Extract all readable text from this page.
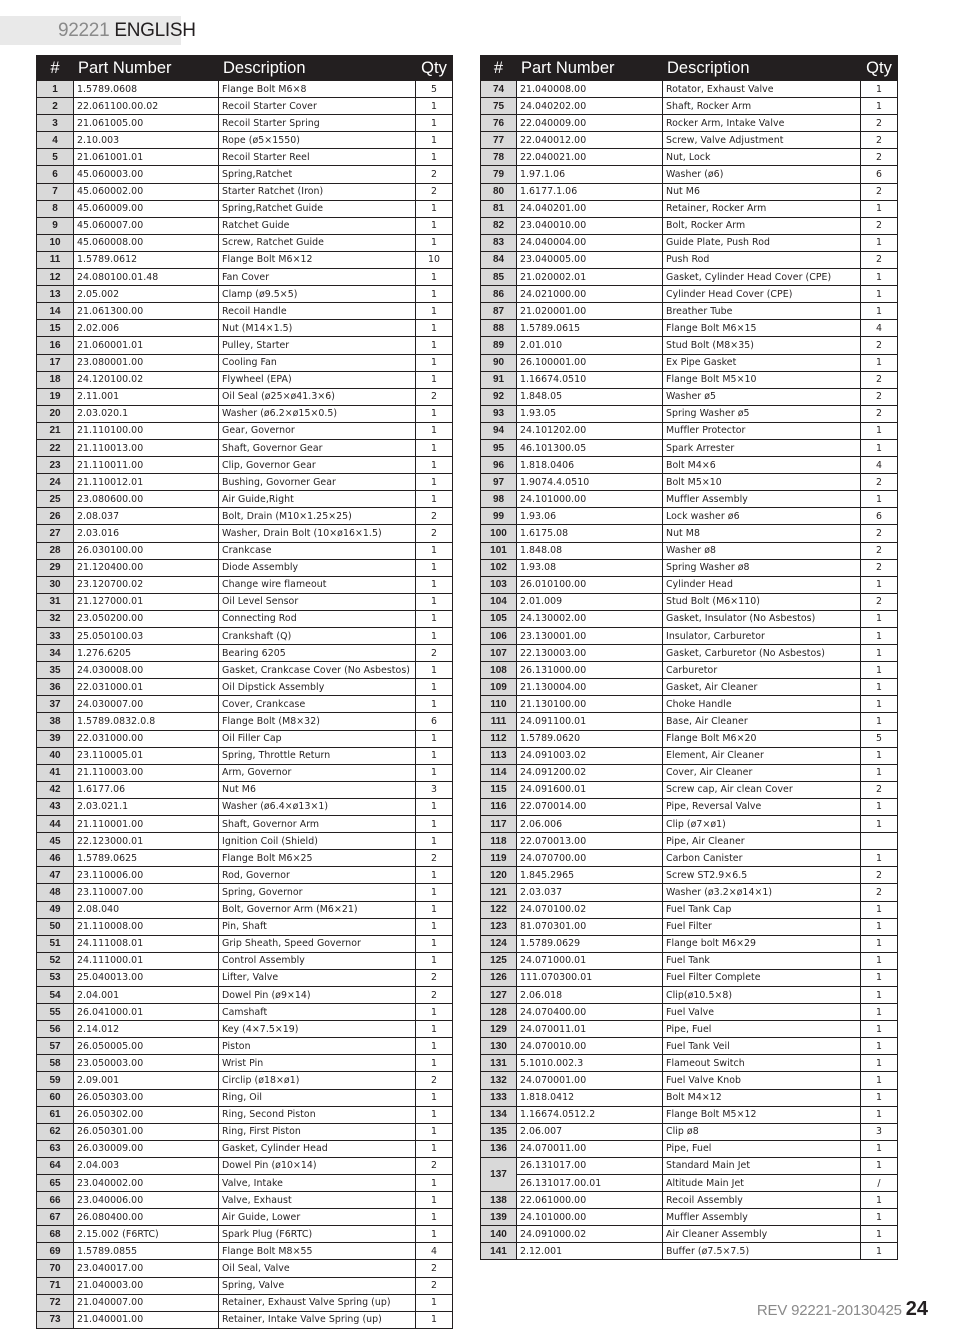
92221 ENGLISH
#	Part Number	Description	Qty
1	1.5789.0608	Flange Bolt M6×8	5
2	22.061100.00.02	Recoil Starter Cover	1
3	21.061005.00	Recoil Starter Spring	1
4	2.10.003	Rope (ø5×1550)	1
5	21.061001.01	Recoil Starter Reel	1
6	45.060003.00	Spring,Ratchet	2
7	45.060002.00	Starter Ratchet (Iron)	2
8	45.060009.00	Spring,Ratchet Guide	1
9	45.060007.00	Ratchet Guide	1
10	45.060008.00	Screw, Ratchet Guide	1
11	1.5789.0612	Flange Bolt M6×12	10
12	24.080100.01.48	Fan Cover	1
13	2.05.002	Clamp (ø9.5×5)	1
14	21.061300.00	Recoil Handle	1
15	2.02.006	Nut (M14×1.5)	1
16	21.060001.01	Pulley, Starter	1
17	23.080001.00	Cooling Fan	1
18	24.120100.02	Flywheel (EPA)	1
19	2.11.001	Oil Seal (ø25×ø41.3×6)	2
20	2.03.020.1	Washer (ø6.2×ø15×0.5)	1
21	21.110100.00	Gear, Governor	1
22	21.110013.00	Shaft, Governor Gear	1
23	21.110011.00	Clip, Governor Gear	1
24	21.110012.01	Bushing, Govorner Gear	1
25	23.080600.00	Air Guide,Right	1
26	2.08.037	Bolt, Drain (M10×1.25×25)	2
27	2.03.016	Washer, Drain Bolt (10×ø16×1.5)	2
28	26.030100.00	Crankcase	1
29	21.120400.00	Diode Assembly	1
30	23.120700.02	Change wire flameout	1
31	21.127000.01	Oil Level Sensor	1
32	23.050200.00	Connecting Rod	1
33	25.050100.03	Crankshaft (Q)	1
34	1.276.6205	Bearing 6205	2
35	24.030008.00	Gasket, Crankcase Cover (No Asbestos)	1
36	22.031000.01	Oil Dipstick Assembly	1
37	24.030007.00	Cover, Crankcase	1
38	1.5789.0832.0.8	Flange Bolt (M8×32)	6
39	22.031000.00	Oil Filler Cap	1
40	23.110005.01	Spring, Throttle Return	1
41	21.110003.00	Arm, Governor	1
42	1.6177.06	Nut M6	3
43	2.03.021.1	Washer (ø6.4×ø13×1)	1
44	21.110001.00	Shaft, Governor Arm	1
45	22.123000.01	Ignition Coil (Shield)	1
46	1.5789.0625	Flange Bolt M6×25	2
47	23.110006.00	Rod, Governor	1
48	23.110007.00	Spring, Governor	1
49	2.08.040	Bolt, Governor Arm (M6×21)	1
50	21.110008.00	Pin, Shaft	1
51	24.111008.01	Grip Sheath, Speed Governor	1
52	24.111000.01	Control Assembly	1
53	25.040013.00	Lifter, Valve	2
54	2.04.001	Dowel Pin (ø9×14)	2
55	26.041000.01	Camshaft	1
56	2.14.012	Key (4×7.5×19)	1
57	26.050005.00	Piston	1
58	23.050003.00	Wrist Pin	1
59	2.09.001	Circlip (ø18×ø1)	2
60	26.050303.00	Ring, Oil	1
61	26.050302.00	Ring, Second Piston	1
62	26.050301.00	Ring, First Piston	1
63	26.030009.00	Gasket, Cylinder Head	1
64	2.04.003	Dowel Pin (ø10×14)	2
65	23.040002.00	Valve, Intake	1
66	23.040006.00	Valve, Exhaust	1
67	26.080400.00	Air Guide, Lower	1
68	2.15.002 (F6RTC)	Spark Plug (F6RTC)	1
69	1.5789.0855	Flange Bolt M8×55	4
70	23.040017.00	Oil Seal, Valve	2
71	21.040003.00	Spring, Valve	2
72	21.040007.00	Retainer, Exhaust Valve Spring (up)	1
73	21.040001.00	Retainer, Intake Valve Spring (up)	1
#	Part Number	Description	Qty
74	21.040008.00	Rotator, Exhaust Valve	1
75	24.040202.00	Shaft, Rocker Arm	1
76	22.040009.00	Rocker Arm, Intake Valve	2
77	22.040012.00	Screw, Valve Adjustment	2
78	22.040021.00	Nut, Lock	2
79	1.97.1.06	Washer (ø6)	6
80	1.6177.1.06	Nut M6	2
81	24.040201.00	Retainer, Rocker Arm	1
82	23.040010.00	Bolt, Rocker Arm	2
83	24.040004.00	Guide Plate, Push Rod	1
84	23.040005.00	Push Rod	2
85	21.020002.01	Gasket, Cylinder Head Cover (CPE)	1
86	24.021000.00	Cylinder Head Cover (CPE)	1
87	21.020001.00	Breather Tube	1
88	1.5789.0615	Flange Bolt M6×15	4
89	2.01.010	Stud Bolt (M8×35)	2
90	26.100001.00	Ex Pipe Gasket	1
91	1.16674.0510	Flange Bolt M5×10	2
92	1.848.05	Washer ø5	2
93	1.93.05	Spring Washer ø5	2
94	24.101202.00	Muffler Protector	1
95	46.101300.05	Spark Arrester	1
96	1.818.0406	Bolt M4×6	4
97	1.9074.4.0510	Bolt M5×10	2
98	24.101000.00	Muffler Assembly	1
99	1.93.06	Lock washer ø6	6
100	1.6175.08	Nut M8	2
101	1.848.08	Washer ø8	2
102	1.93.08	Spring Washer ø8	2
103	26.010100.00	Cylinder Head	1
104	2.01.009	Stud Bolt (M6×110)	2
105	24.130002.00	Gasket, Insulator (No Asbestos)	1
106	23.130001.00	Insulator, Carburetor	1
107	22.130003.00	Gasket, Carburetor (No Asbestos)	1
108	26.131000.00	Carburetor	1
109	21.130004.00	Gasket, Air Cleaner	1
110	21.130100.00	Choke Handle	1
111	24.091100.01	Base, Air Cleaner	1
112	1.5789.0620	Flange Bolt M6×20	5
113	24.091003.02	Element, Air Cleaner	1
114	24.091200.02	Cover, Air Cleaner	1
115	24.091600.01	Screw cap, Air clean Cover	2
116	22.070014.00	Pipe, Reversal Valve	1
117	2.06.006	Clip (ø7×ø1)	1
118	22.070013.00	Pipe, Air Cleaner	
119	24.070700.00	Carbon Canister	1
120	1.845.2965	Screw ST2.9×6.5	2
121	2.03.037	Washer (ø3.2×ø14×1)	2
122	24.070100.02	Fuel Tank Cap	1
123	81.070301.00	Fuel Filter	1
124	1.5789.0629	Flange bolt M6×29	1
125	24.071000.01	Fuel Tank	1
126	111.070300.01	Fuel Filter Complete	1
127	2.06.018	Clip(ø10.5×8)	1
128	24.070400.00	Fuel Valve	1
129	24.070011.01	Pipe, Fuel	1
130	24.070010.00	Fuel Tank Veil	1
131	5.1010.002.3	Flameout Switch	1
132	24.070001.00	Fuel Valve Knob	1
133	1.818.0412	Bolt M4×12	1
134	1.16674.0512.2	Flange Bolt M5×12	1
135	2.06.007	Clip ø8	3
136	24.070011.00	Pipe, Fuel	1
137	26.131017.00	Standard Main Jet	1
	26.131017.00.01	Altitude Main Jet	/
138	22.061000.00	Recoil Assembly	1
139	24.101000.00	Muffler Assembly	1
140	24.091000.02	Air Cleaner Assembly	1
141	2.12.001	Buffer (ø7.5×7.5)	1
REV 92221-20130425 24
